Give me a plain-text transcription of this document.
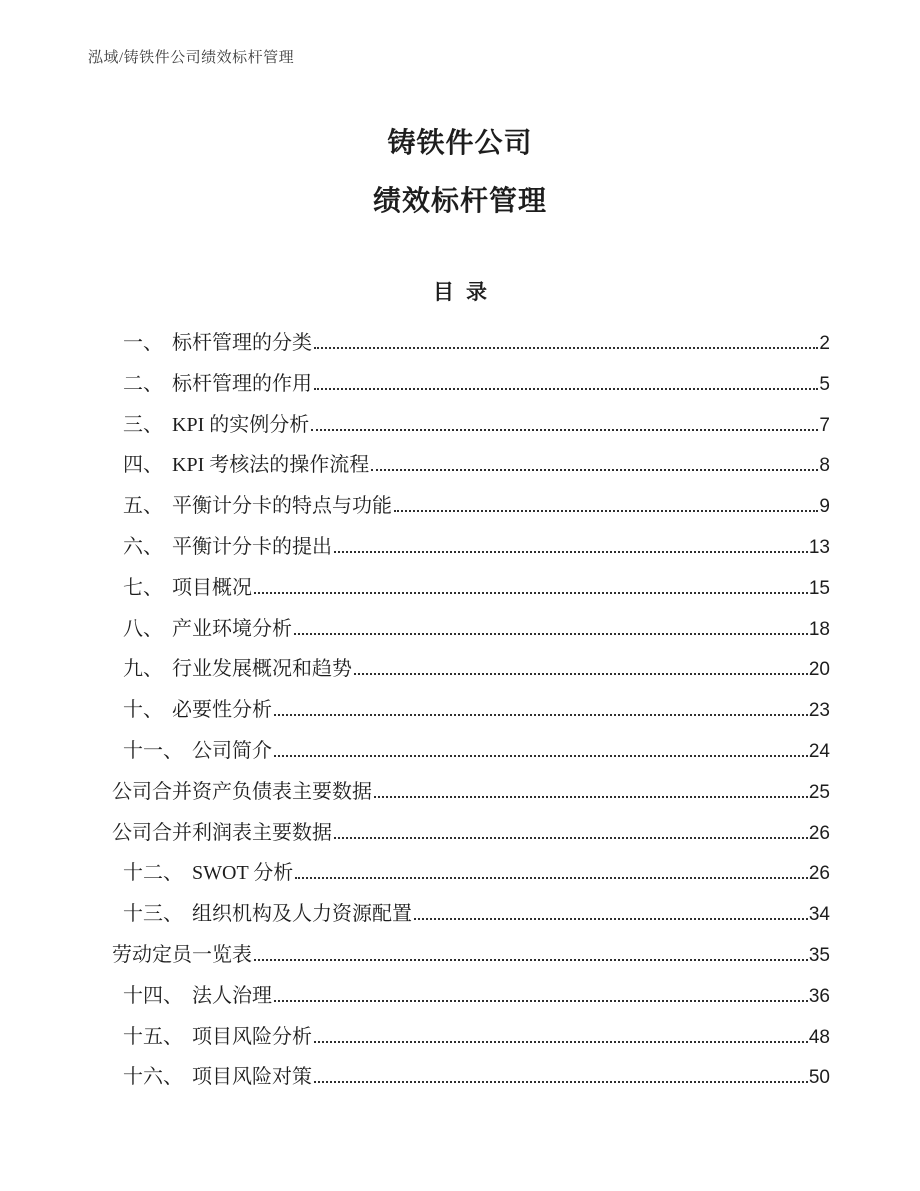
泓域/铸铁件公司绩效标杆管理
铸铁件公司
绩效标杆管理
目录
一、 标杆管理的分类	2
二、 标杆管理的作用	5
三、 KPI 的实例分析	7
四、 KPI 考核法的操作流程	8
五、 平衡计分卡的特点与功能	9
六、 平衡计分卡的提出	13
七、 项目概况	15
八、 产业环境分析	18
九、 行业发展概况和趋势	20
十、 必要性分析	23
十一、 公司简介	24
公司合并资产负债表主要数据	25
公司合并利润表主要数据	26
十二、 SWOT 分析	26
十三、 组织机构及人力资源配置	34
劳动定员一览表	35
十四、 法人治理	36
十五、 项目风险分析	48
十六、 项目风险对策	50
